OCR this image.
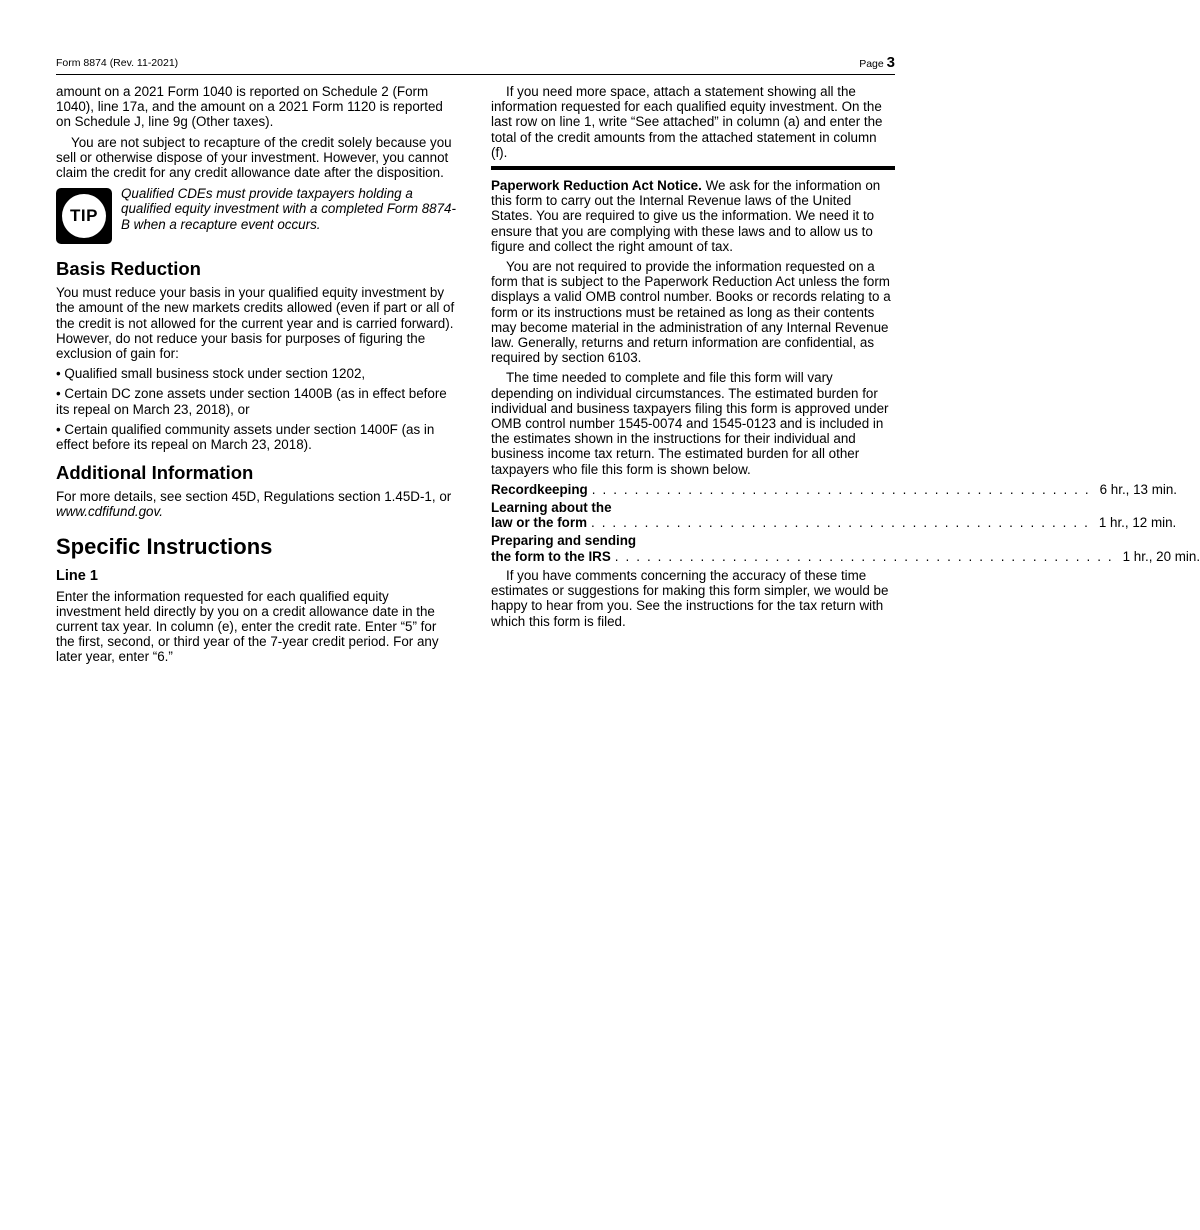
Form 8874 (Rev. 11-2021)	Page 3

amount on a 2021 Form 1040 is reported on Schedule 2 (Form 1040), line 17a, and the amount on a 2021 Form 1120 is reported on Schedule J, line 9g (Other taxes).

You are not subject to recapture of the credit solely because you sell or otherwise dispose of your investment. However, you cannot claim the credit for any credit allowance date after the disposition.

TIP
Qualified CDEs must provide taxpayers holding a qualified equity investment with a completed Form 8874-B when a recapture event occurs.
Basis Reduction

You must reduce your basis in your qualified equity investment by the amount of the new markets credits allowed (even if part or all of the credit is not allowed for the current year and is carried forward). However, do not reduce your basis for purposes of figuring the exclusion of gain for:

• Qualified small business stock under section 1202,

• Certain DC zone assets under section 1400B (as in effect before its repeal on March 23, 2018), or

• Certain qualified community assets under section 1400F (as in effect before its repeal on March 23, 2018).

Additional Information

For more details, see section 45D, Regulations section 1.45D-1, or www.cdfifund.gov.

Specific Instructions
Line 1

Enter the information requested for each qualified equity investment held directly by you on a credit allowance date in the current tax year. In column (e), enter the credit rate. Enter “5” for the first, second, or third year of the 7-year credit period. For any later year, enter “6.”

If you need more space, attach a statement showing all the information requested for each qualified equity investment. On the last row on line 1, write “See attached” in column (a) and enter the total of the credit amounts from the attached statement in column (f).

Paperwork Reduction Act Notice. We ask for the information on this form to carry out the Internal Revenue laws of the United States. You are required to give us the information. We need it to ensure that you are complying with these laws and to allow us to figure and collect the right amount of tax.

You are not required to provide the information requested on a form that is subject to the Paperwork Reduction Act unless the form displays a valid OMB control number. Books or records relating to a form or its instructions must be retained as long as their contents may become material in the administration of any Internal Revenue law. Generally, returns and return information are confidential, as required by section 6103.

The time needed to complete and file this form will vary depending on individual circumstances. The estimated burden for individual and business taxpayers filing this form is approved under OMB control number 1545-0074 and 1545-0123 and is included in the estimates shown in the instructions for their individual and business income tax return. The estimated burden for all other taxpayers who file this form is shown below.

Recordkeeping ............................................... 6 hr., 13 min.
Learning about the
law or the form ............................................... 1 hr., 12 min.
Preparing and sending
the form to the IRS ............................................... 1 hr., 20 min.

If you have comments concerning the accuracy of these time estimates or suggestions for making this form simpler, we would be happy to hear from you. See the instructions for the tax return with which this form is filed.
